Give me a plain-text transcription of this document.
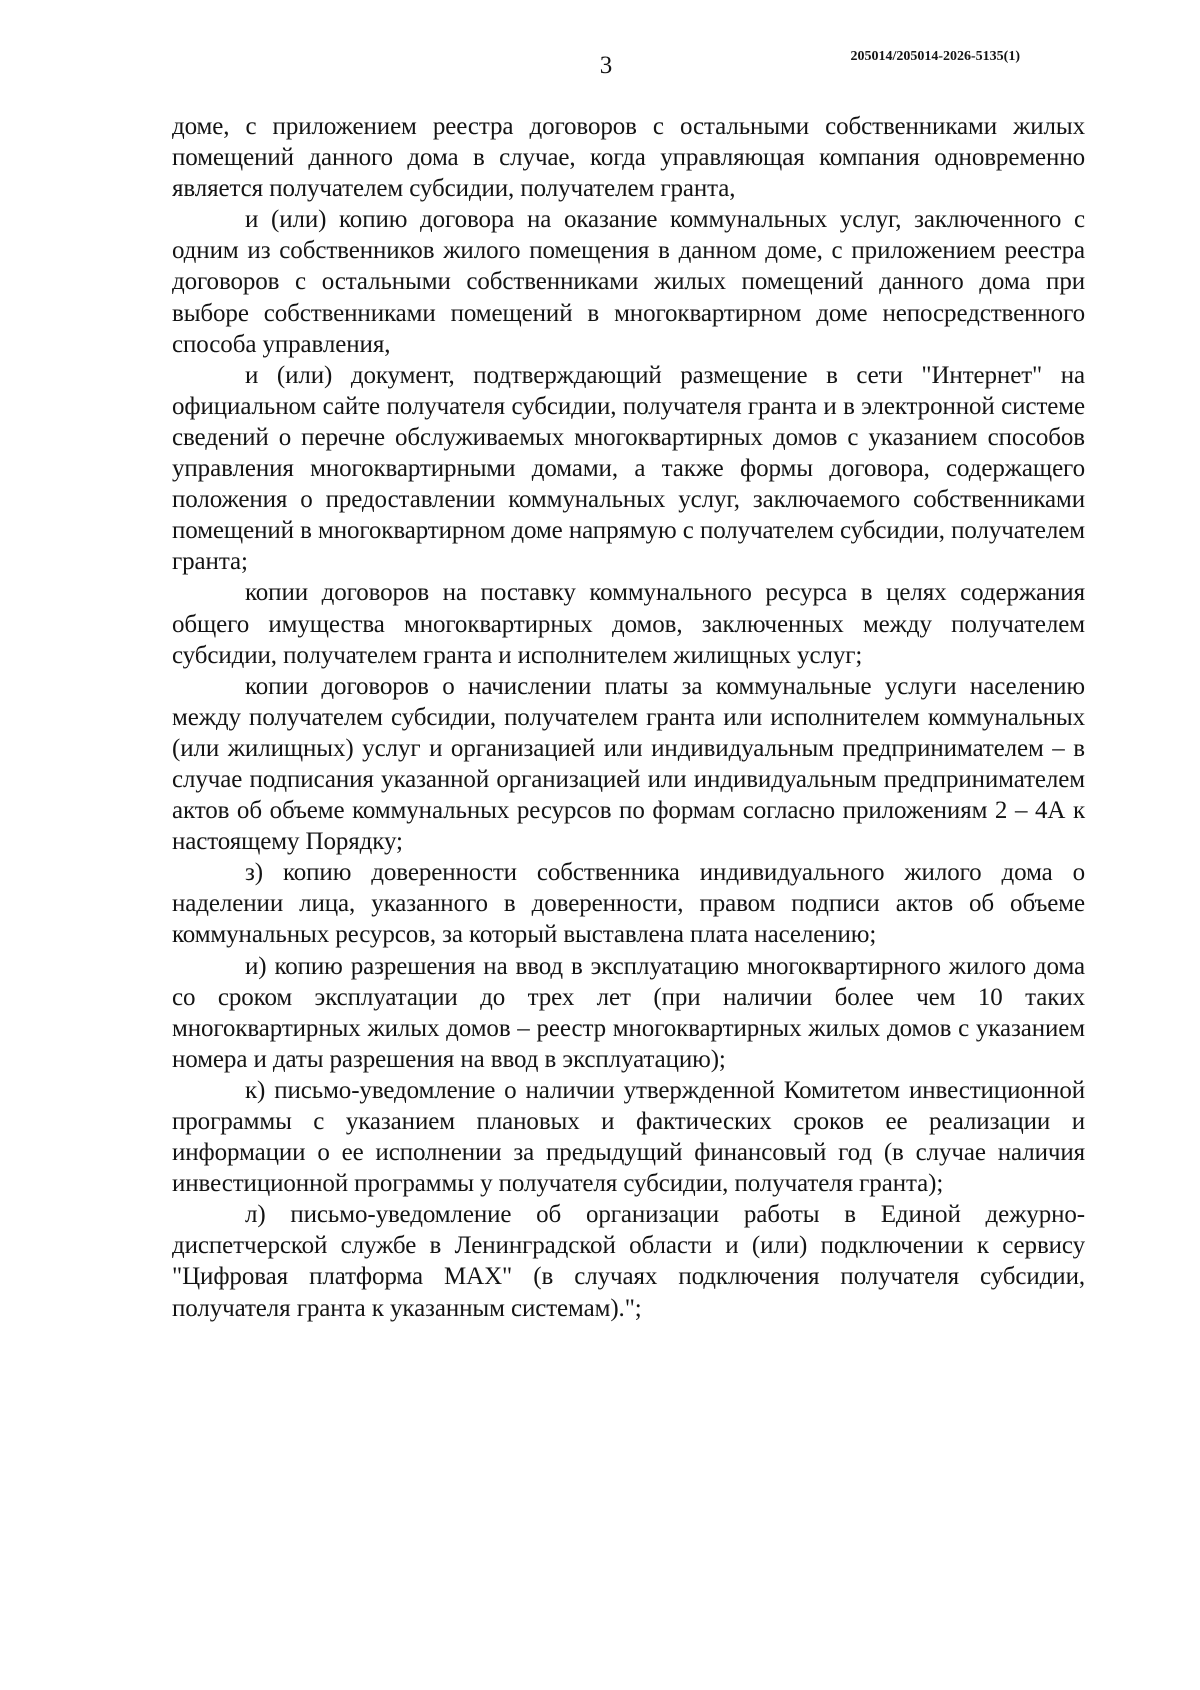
3	205014/205014-2026-5135(1)

доме, с приложением реестра договоров с остальными собственниками жилых помещений данного дома в случае, когда управляющая компания одновременно является получателем субсидии, получателем гранта,

и (или) копию договора на оказание коммунальных услуг, заключенного с одним из собственников жилого помещения в данном доме, с приложением реестра договоров с остальными собственниками жилых помещений данного дома при выборе собственниками помещений в многоквартирном доме непосредственного способа управления,

и (или) документ, подтверждающий размещение в сети "Интернет" на официальном сайте получателя субсидии, получателя гранта и в электронной системе сведений о перечне обслуживаемых многоквартирных домов с указанием способов управления многоквартирными домами, а также формы договора, содержащего положения о предоставлении коммунальных услуг, заключаемого собственниками помещений в многоквартирном доме напрямую с получателем субсидии, получателем гранта;

копии договоров на поставку коммунального ресурса в целях содержания общего имущества многоквартирных домов, заключенных между получателем субсидии, получателем гранта и исполнителем жилищных услуг;

копии договоров о начислении платы за коммунальные услуги населению между получателем субсидии, получателем гранта или исполнителем коммунальных (или жилищных) услуг и организацией или индивидуальным предпринимателем – в случае подписания указанной организацией или индивидуальным предпринимателем актов об объеме коммунальных ресурсов по формам согласно приложениям 2 – 4А к настоящему Порядку;

з) копию доверенности собственника индивидуального жилого дома о наделении лица, указанного в доверенности, правом подписи актов об объеме коммунальных ресурсов, за который выставлена плата населению;

и) копию разрешения на ввод в эксплуатацию многоквартирного жилого дома со сроком эксплуатации до трех лет (при наличии более чем 10 таких многоквартирных жилых домов – реестр многоквартирных жилых домов с указанием номера и даты разрешения на ввод в эксплуатацию);

к) письмо-уведомление о наличии утвержденной Комитетом инвестиционной программы с указанием плановых и фактических сроков ее реализации и информации о ее исполнении за предыдущий финансовый год (в случае наличия инвестиционной программы у получателя субсидии, получателя гранта);

л) письмо-уведомление об организации работы в Единой дежурно-диспетчерской службе в Ленинградской области и (или) подключении к сервису "Цифровая платформа МАХ" (в случаях подключения получателя субсидии, получателя гранта к указанным системам).";
